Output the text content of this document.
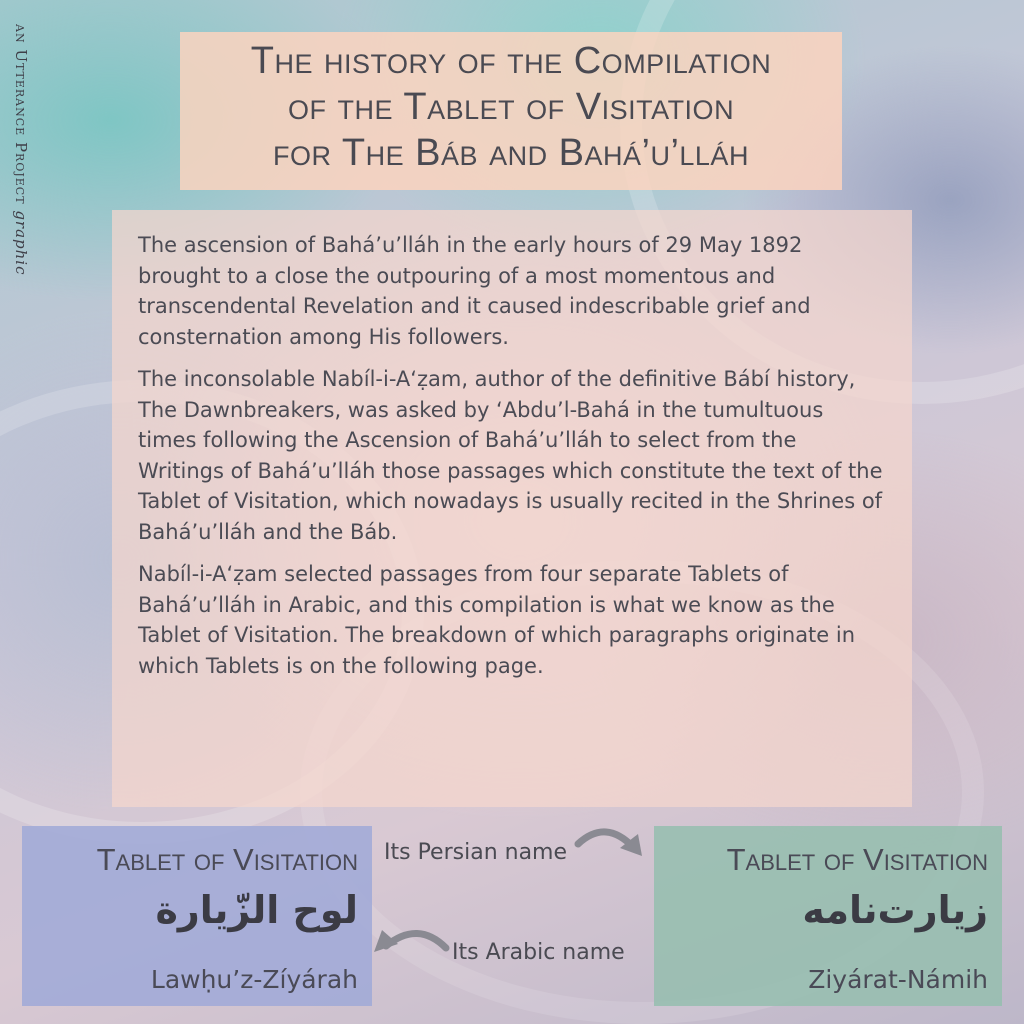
an Utterance Project graphic
The history of the Compilation
of the Tablet of Visitation
for The Báb and Bahá’u’lláh

The ascension of Bahá’u’lláh in the early hours of 29 May 1892 brought to a close the outpouring of a most momentous and transcendental Revelation and it caused indescribable grief and consternation among His followers.

The inconsolable Nabíl-i-A‘ẓam, author of the definitive Bábí history, The Dawnbreakers, was asked by ‘Abdu’l-Bahá in the tumultuous times following the Ascension of Bahá’u’lláh to select from the Writings of Bahá’u’lláh those passages which constitute the text of the Tablet of Visitation, which nowadays is usually recited in the Shrines of Bahá’u’lláh and the Báb.

Nabíl-i-A‘ẓam selected passages from four separate Tablets of Bahá’u’lláh in Arabic, and this compilation is what we know as the Tablet of Visitation. The breakdown of which paragraphs originate in which Tablets is on the following page.

Tablet of Visitation
لوح الزّيارة
Lawḥu’z-Zíyárah
Tablet of Visitation
زيارت‌نامه
Ziyárat-Námih
Its Persian name
Its Arabic name
